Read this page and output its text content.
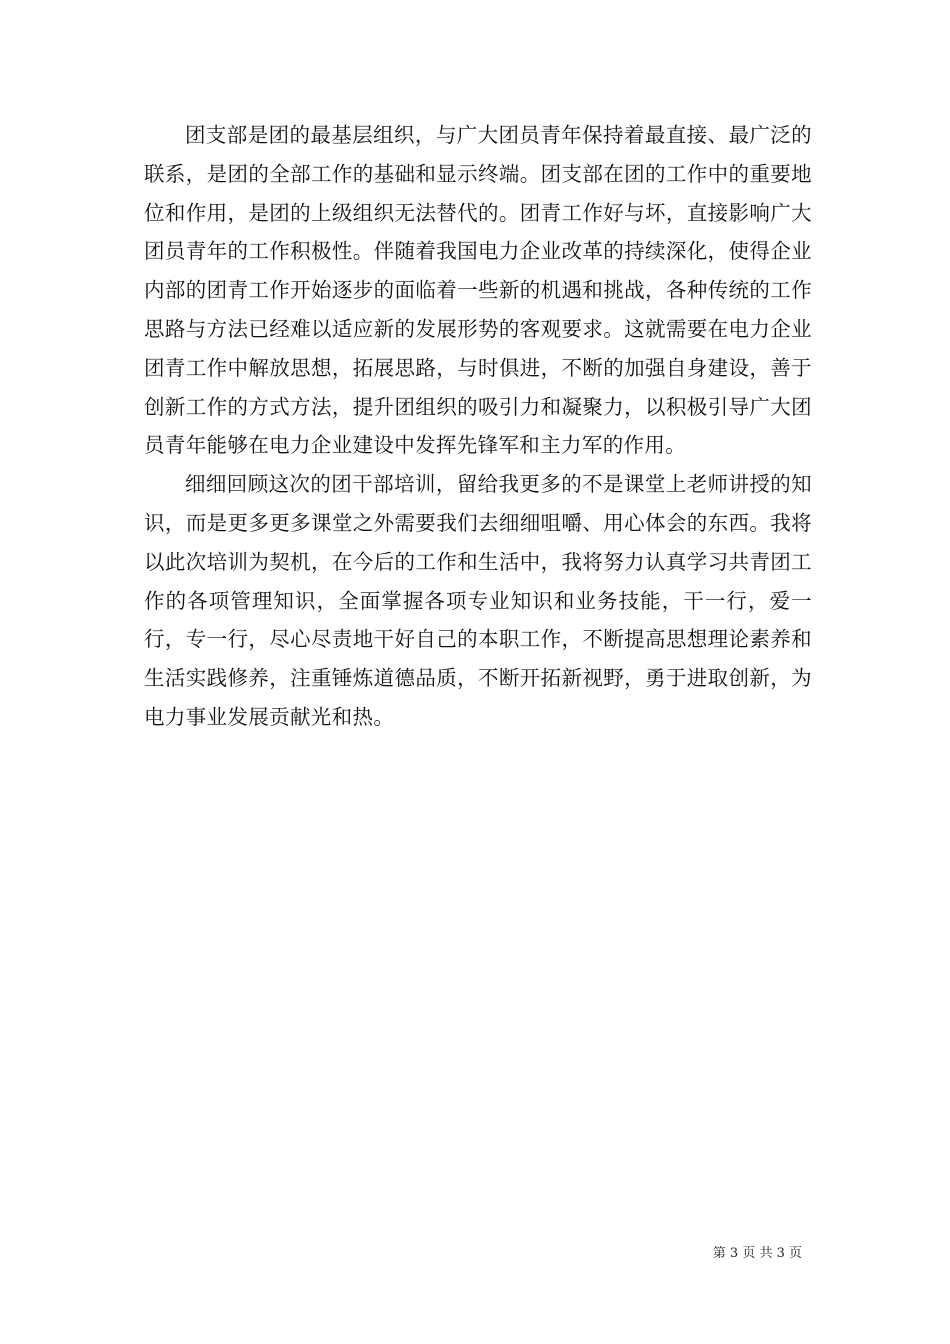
团支部是团的最基层组织，与广大团员青年保持着最直接、最广泛的联系，是团的全部工作的基础和显示终端。团支部在团的工作中的重要地位和作用，是团的上级组织无法替代的。团青工作好与坏，直接影响广大团员青年的工作积极性。伴随着我国电力企业改革的持续深化，使得企业内部的团青工作开始逐步的面临着一些新的机遇和挑战，各种传统的工作思路与方法已经难以适应新的发展形势的客观要求。这就需要在电力企业团青工作中解放思想，拓展思路，与时俱进，不断的加强自身建设，善于创新工作的方式方法，提升团组织的吸引力和凝聚力，以积极引导广大团员青年能够在电力企业建设中发挥先锋军和主力军的作用。

细细回顾这次的团干部培训，留给我更多的不是课堂上老师讲授的知识，而是更多更多课堂之外需要我们去细细咀嚼、用心体会的东西。我将以此次培训为契机，在今后的工作和生活中，我将努力认真学习共青团工作的各项管理知识，全面掌握各项专业知识和业务技能，干一行，爱一行，专一行，尽心尽责地干好自己的本职工作，不断提高思想理论素养和生活实践修养，注重锤炼道德品质，不断开拓新视野，勇于进取创新，为电力事业发展贡献光和热。

第 3 页 共 3 页
